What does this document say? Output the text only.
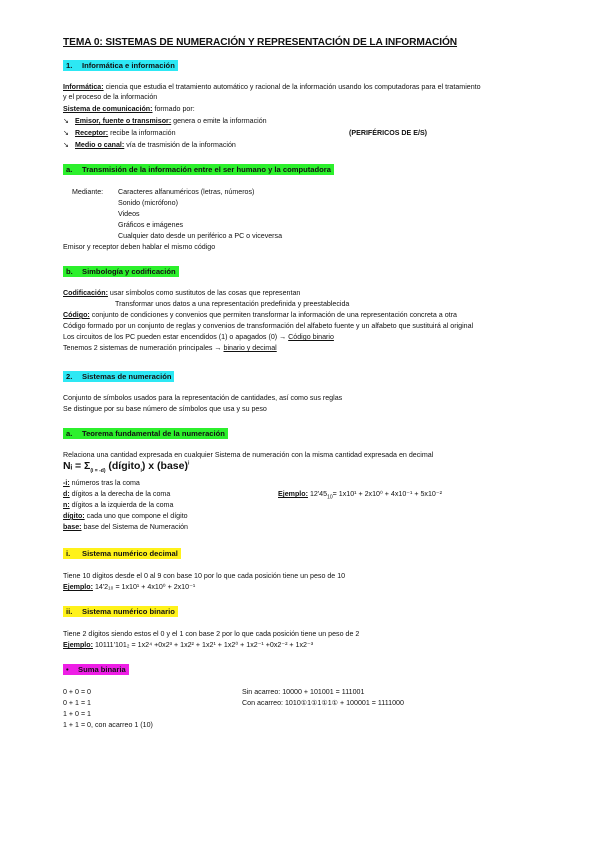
TEMA 0: SISTEMAS DE NUMERACIÓN Y REPRESENTACIÓN DE LA INFORMACIÓN
1. Informática e información
Informática: ciencia que estudia el tratamiento automático y racional de la información usando los computadoras para el tratamiento
y el proceso de la información
Sistema de comunicación: formado por:
↘ Emisor, fuente o transmisor: genera o emite la información
↘ Receptor: recibe la información	(PERIFÉRICOS DE E/S)
↘ Medio o canal: vía de trasmisión de la información
a. Transmisión de la información entre el ser humano y la computadora
Mediante: Caracteres alfanuméricos (letras, números)
Sonido (micrófono)
Videos
Gráficos e imágenes
Cualquier dato desde un periférico a PC o viceversa
Emisor y receptor deben hablar el mismo código
b. Simbología y codificación
Codificación: usar símbolos como sustitutos de las cosas que representan
Transformar unos datos a una representación predefinida y preestablecida
Código: conjunto de condiciones y convenios que permiten transformar la información de una representación concreta a otra
Código formado por un conjunto de reglas y convenios de transformación del alfabeto fuente y un alfabeto que sustituirá al original
Los circuitos de los PC pueden estar encendidos (1) o apagados (0) → Código binario
Tenemos 2 sistemas de numeración principales → binario y decimal
2. Sistemas de numeración
Conjunto de símbolos usados para la representación de cantidades, así como sus reglas
Se distingue por su base número de símbolos que usa y su peso
a. Teorema fundamental de la numeración
Relaciona una cantidad expresada en cualquier Sistema de numeración con la misma cantidad expresada en decimal
Nᵢ = $\Sigma_{(i = -d)}$ (dígito$_i$) x (base)$^i$
-i: números tras la coma
d: dígitos a la derecha de la coma	Ejemplo: $12'45_{10}= 1x10^1 + 2x10^0 + 4x10^{-1} + 5x10^{-2}$
n: dígitos a la izquierda de la coma
dígito: cada uno que compone el dígito
base: base del Sistema de Numeración
i. Sistema numérico decimal
Tiene 10 dígitos desde el 0 al 9 con base 10 por lo que cada posición tiene un peso de 10
Ejemplo: 14'2₁₀ = 1x10¹ + 4x10⁰ + 2x10⁻¹
ii. Sistema numérico binario
Tiene 2 dígitos siendo estos el 0 y el 1 con base 2 por lo que cada posición tiene un peso de 2
Ejemplo: 10111'101₂ = 1x2⁴ +0x2³ + 1x2² + 1x2¹ + 1x2⁰ + 1x2⁻¹ +0x2⁻² + 1x2⁻³
• Suma binaria
0 + 0 = 0
0 + 1 = 1
1 + 0 = 1
1 + 1 = 0, con acarreo 1 (10)
Sin acarreo: 10000 + 101001 = 111001
Con acarreo: 1010①1①1①1① + 100001 = 1111000
